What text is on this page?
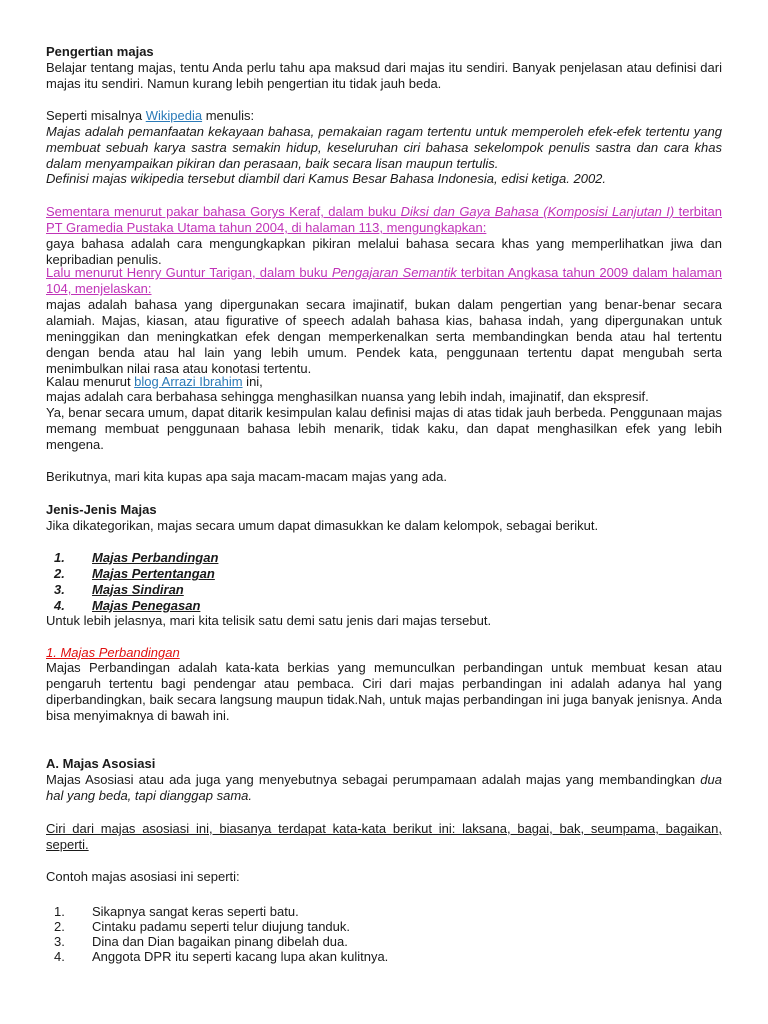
Pengertian majas

Belajar tentang majas, tentu Anda perlu tahu apa maksud dari majas itu sendiri. Banyak penjelasan atau definisi dari majas itu sendiri. Namun kurang lebih pengertian itu tidak jauh beda.

Seperti misalnya Wikipedia menulis:

Majas adalah pemanfaatan kekayaan bahasa, pemakaian ragam tertentu untuk memperoleh efek-efek tertentu yang membuat sebuah karya sastra semakin hidup, keseluruhan ciri bahasa sekelompok penulis sastra dan cara khas dalam menyampaikan pikiran dan perasaan, baik secara lisan maupun tertulis.

Definisi majas wikipedia tersebut diambil dari Kamus Besar Bahasa Indonesia, edisi ketiga. 2002.

Sementara menurut pakar bahasa Gorys Keraf, dalam buku Diksi dan Gaya Bahasa (Komposisi Lanjutan I) terbitan PT Gramedia Pustaka Utama tahun 2004, di halaman 113, mengungkapkan:

gaya bahasa adalah cara mengungkapkan pikiran melalui bahasa secara khas yang memperlihatkan jiwa dan kepribadian penulis.

Lalu menurut Henry Guntur Tarigan, dalam buku Pengajaran Semantik terbitan Angkasa tahun 2009 dalam halaman 104, menjelaskan:

majas adalah bahasa yang dipergunakan secara imajinatif, bukan dalam pengertian yang benar-benar secara alamiah. Majas, kiasan, atau figurative of speech adalah bahasa kias, bahasa indah, yang dipergunakan untuk meninggikan dan meningkatkan efek dengan memperkenalkan serta membandingkan benda atau hal tertentu dengan benda atau hal lain yang lebih umum. Pendek kata, penggunaan tertentu dapat mengubah serta menimbulkan nilai rasa atau konotasi tertentu.

Kalau menurut blog Arrazi Ibrahim ini,

majas adalah cara berbahasa sehingga menghasilkan nuansa yang lebih indah, imajinatif, dan ekspresif.

Ya, benar secara umum, dapat ditarik kesimpulan kalau definisi majas di atas tidak jauh berbeda. Penggunaan majas memang membuat penggunaan bahasa lebih menarik, tidak kaku, dan dapat menghasilkan efek yang lebih mengena.

Berikutnya, mari kita kupas apa saja macam-macam majas yang ada.

Jenis-Jenis Majas

Jika dikategorikan, majas secara umum dapat dimasukkan ke dalam kelompok, sebagai berikut.

1. Majas Perbandingan
2. Majas Pertentangan
3. Majas Sindiran
4. Majas Penegasan

Untuk lebih jelasnya, mari kita telisik satu demi satu jenis dari majas tersebut.

1. Majas Perbandingan

Majas Perbandingan adalah kata-kata berkias yang memunculkan perbandingan untuk membuat kesan atau pengaruh tertentu bagi pendengar atau pembaca. Ciri dari majas perbandingan ini adalah adanya hal yang diperbandingkan, baik secara langsung maupun tidak.Nah, untuk majas perbandingan ini juga banyak jenisnya. Anda bisa menyimaknya di bawah ini.

A. Majas Asosiasi

Majas Asosiasi atau ada juga yang menyebutnya sebagai perumpamaan adalah majas yang membandingkan dua hal yang beda, tapi dianggap sama.

Ciri dari majas asosiasi ini, biasanya terdapat kata-kata berikut ini: laksana, bagai, bak, seumpama, bagaikan, seperti.

Contoh majas asosiasi ini seperti:

1. Sikapnya sangat keras seperti batu.
2. Cintaku padamu seperti telur diujung tanduk.
3. Dina dan Dian bagaikan pinang dibelah dua.
4. Anggota DPR itu seperti kacang lupa akan kulitnya.
